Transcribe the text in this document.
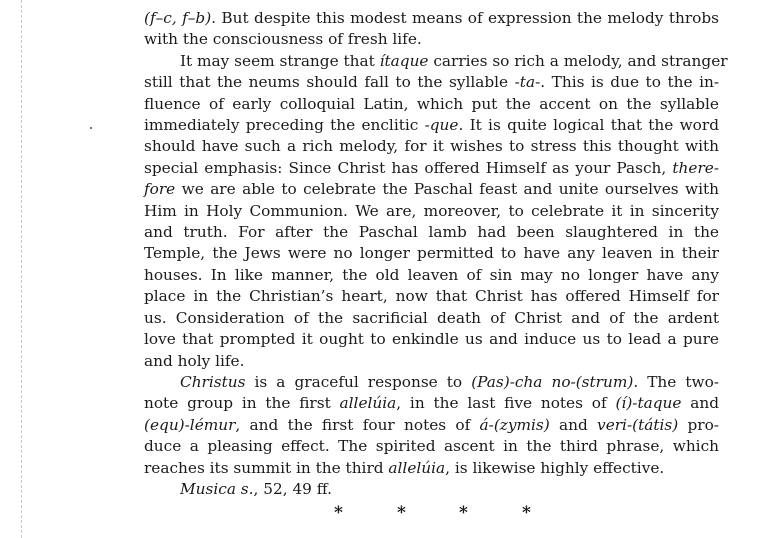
(f–c, f–b). But despite this modest means of expression the melody throbs
with the consciousness of fresh life.

It may seem strange that ítaque carries so rich a melody, and stranger
still that the neums should fall to the syllable -ta-. This is due to the in-
fluence of early colloquial Latin, which put the accent on the syllable
immediately preceding the enclitic -que. It is quite logical that the word
should have such a rich melody, for it wishes to stress this thought with
special emphasis: Since Christ has offered Himself as your Pasch, there-
fore we are able to celebrate the Paschal feast and unite ourselves with
Him in Holy Communion. We are, moreover, to celebrate it in sincerity
and truth. For after the Paschal lamb had been slaughtered in the
Temple, the Jews were no longer permitted to have any leaven in their
houses. In like manner, the old leaven of sin may no longer have any
place in the Christian’s heart, now that Christ has offered Himself for
us. Consideration of the sacrificial death of Christ and of the ardent
love that prompted it ought to enkindle us and induce us to lead a pure
and holy life.

Christus is a graceful response to (Pas)-cha no-(strum). The two-
note group in the first allelúia, in the last five notes of (í)-taque and
(equ)-lémur, and the first four notes of á-(zymis) and veri-(tátis) pro-
duce a pleasing effect. The spirited ascent in the third phrase, which
reaches its summit in the third allelúia, is likewise highly effective.

Musica s., 52, 49 ff.

*	*	*	*
